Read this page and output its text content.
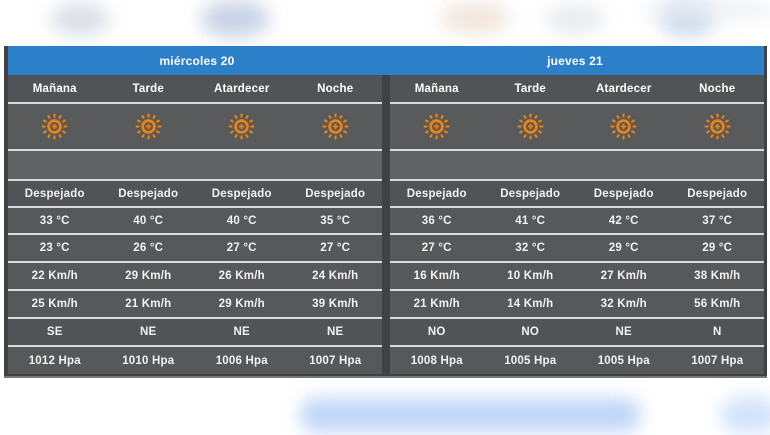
miércoles 20	jueves 21
Mañana	Tarde	Atardecer	Noche
Despejado	Despejado	Despejado	Despejado
33 °C	40 °C	40 °C	35 °C
23 °C	26 °C	27 °C	27 °C
22 Km/h	29 Km/h	26 Km/h	24 Km/h
25 Km/h	21 Km/h	29 Km/h	39 Km/h
SE	NE	NE	NE
1012 Hpa	1010 Hpa	1006 Hpa	1007 Hpa
Mañana	Tarde	Atardecer	Noche
Despejado	Despejado	Despejado	Despejado
36 °C	41 °C	42 °C	37 °C
27 °C	32 °C	29 °C	29 °C
16 Km/h	10 Km/h	27 Km/h	38 Km/h
21 Km/h	14 Km/h	32 Km/h	56 Km/h
NO	NO	NE	N
1008 Hpa	1005 Hpa	1005 Hpa	1007 Hpa
